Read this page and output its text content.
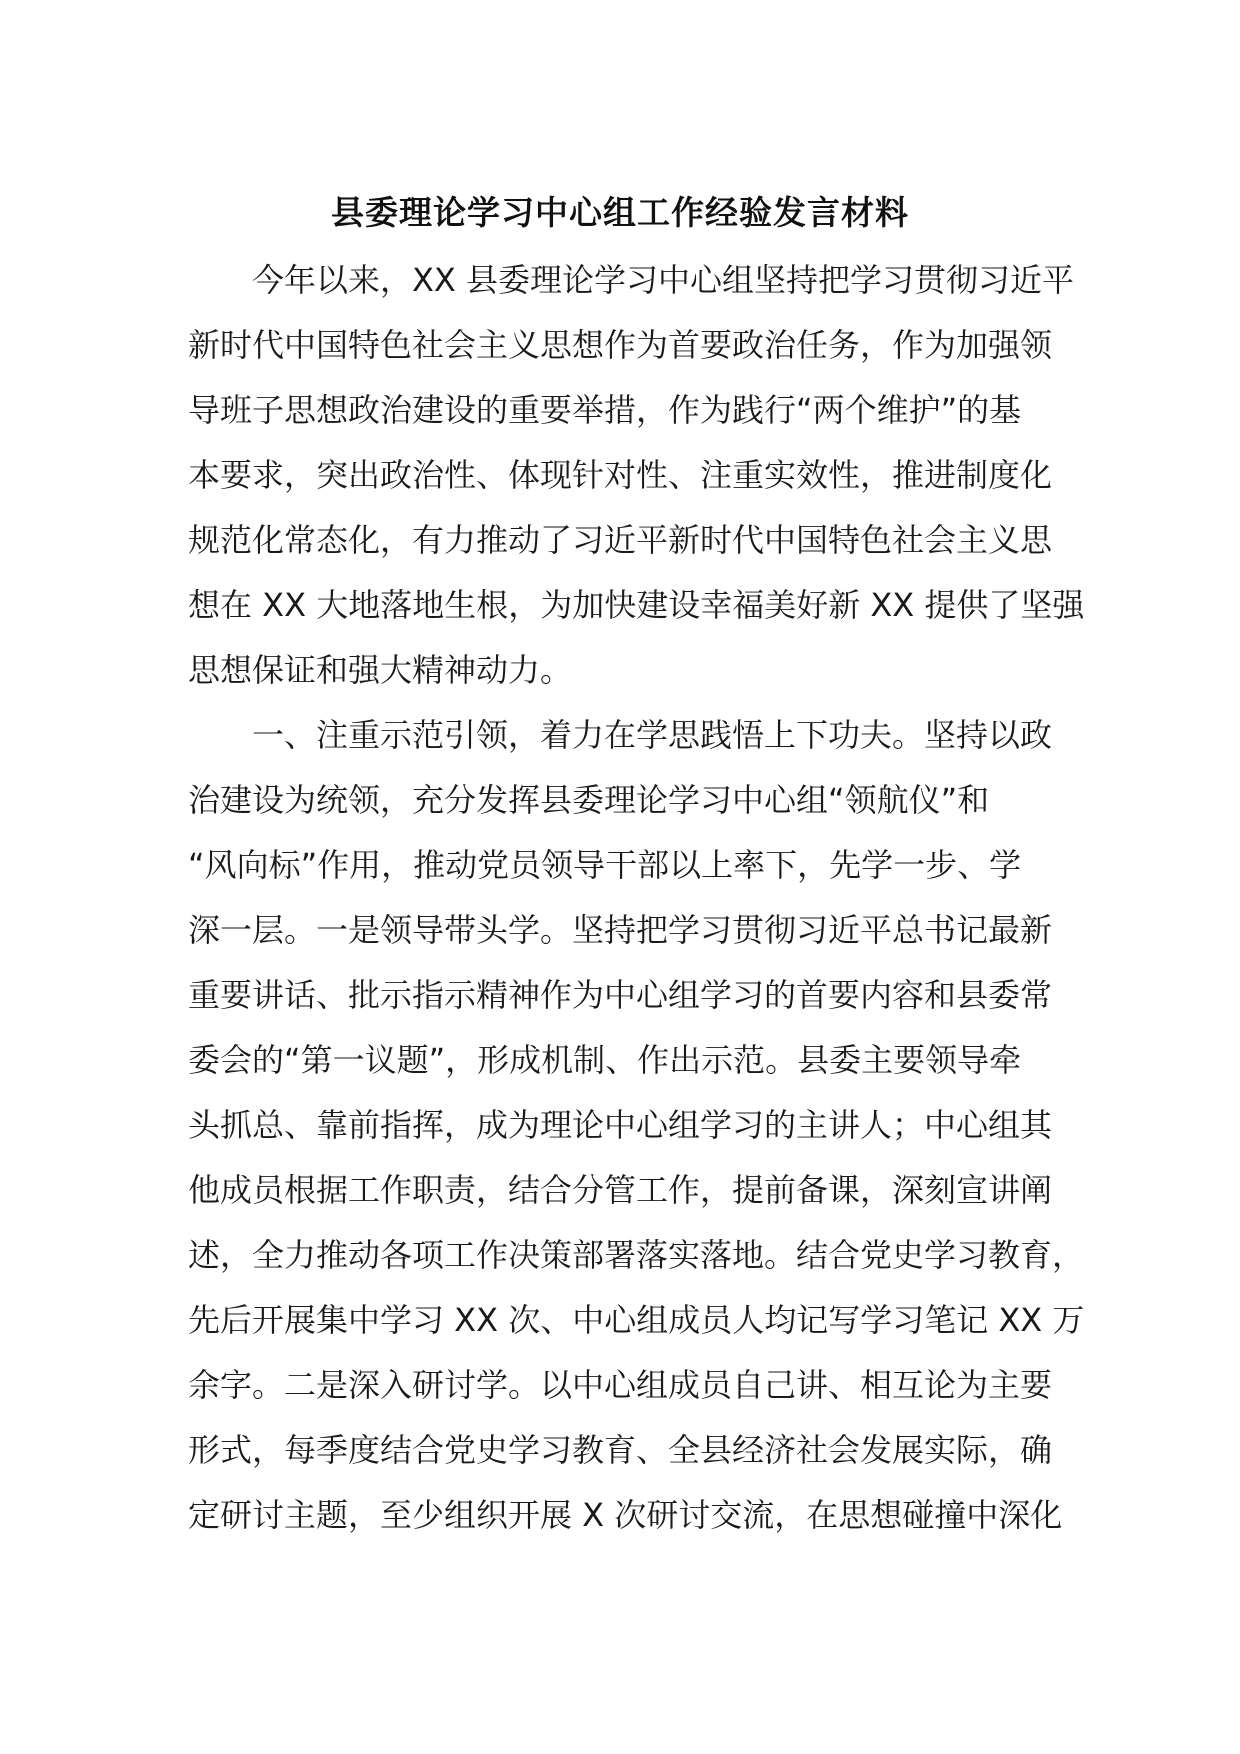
县委理论学习中心组工作经验发言材料
　　今年以来，XX 县委理论学习中心组坚持把学习贯彻习近平
新时代中国特色社会主义思想作为首要政治任务，作为加强领
导班子思想政治建设的重要举措，作为践行“两个维护”的基
本要求，突出政治性、体现针对性、注重实效性，推进制度化
规范化常态化，有力推动了习近平新时代中国特色社会主义思
想在 XX 大地落地生根，为加快建设幸福美好新 XX 提供了坚强
思想保证和强大精神动力。
　　一、注重示范引领，着力在学思践悟上下功夫。坚持以政
治建设为统领，充分发挥县委理论学习中心组“领航仪”和
“风向标”作用，推动党员领导干部以上率下，先学一步、学
深一层。一是领导带头学。坚持把学习贯彻习近平总书记最新
重要讲话、批示指示精神作为中心组学习的首要内容和县委常
委会的“第一议题”，形成机制、作出示范。县委主要领导牵
头抓总、靠前指挥，成为理论中心组学习的主讲人；中心组其
他成员根据工作职责，结合分管工作，提前备课，深刻宣讲阐
述，全力推动各项工作决策部署落实落地。结合党史学习教育，
先后开展集中学习 XX 次、中心组成员人均记写学习笔记 XX 万
余字。二是深入研讨学。以中心组成员自己讲、相互论为主要
形式，每季度结合党史学习教育、全县经济社会发展实际，确
定研讨主题，至少组织开展 X 次研讨交流，在思想碰撞中深化
